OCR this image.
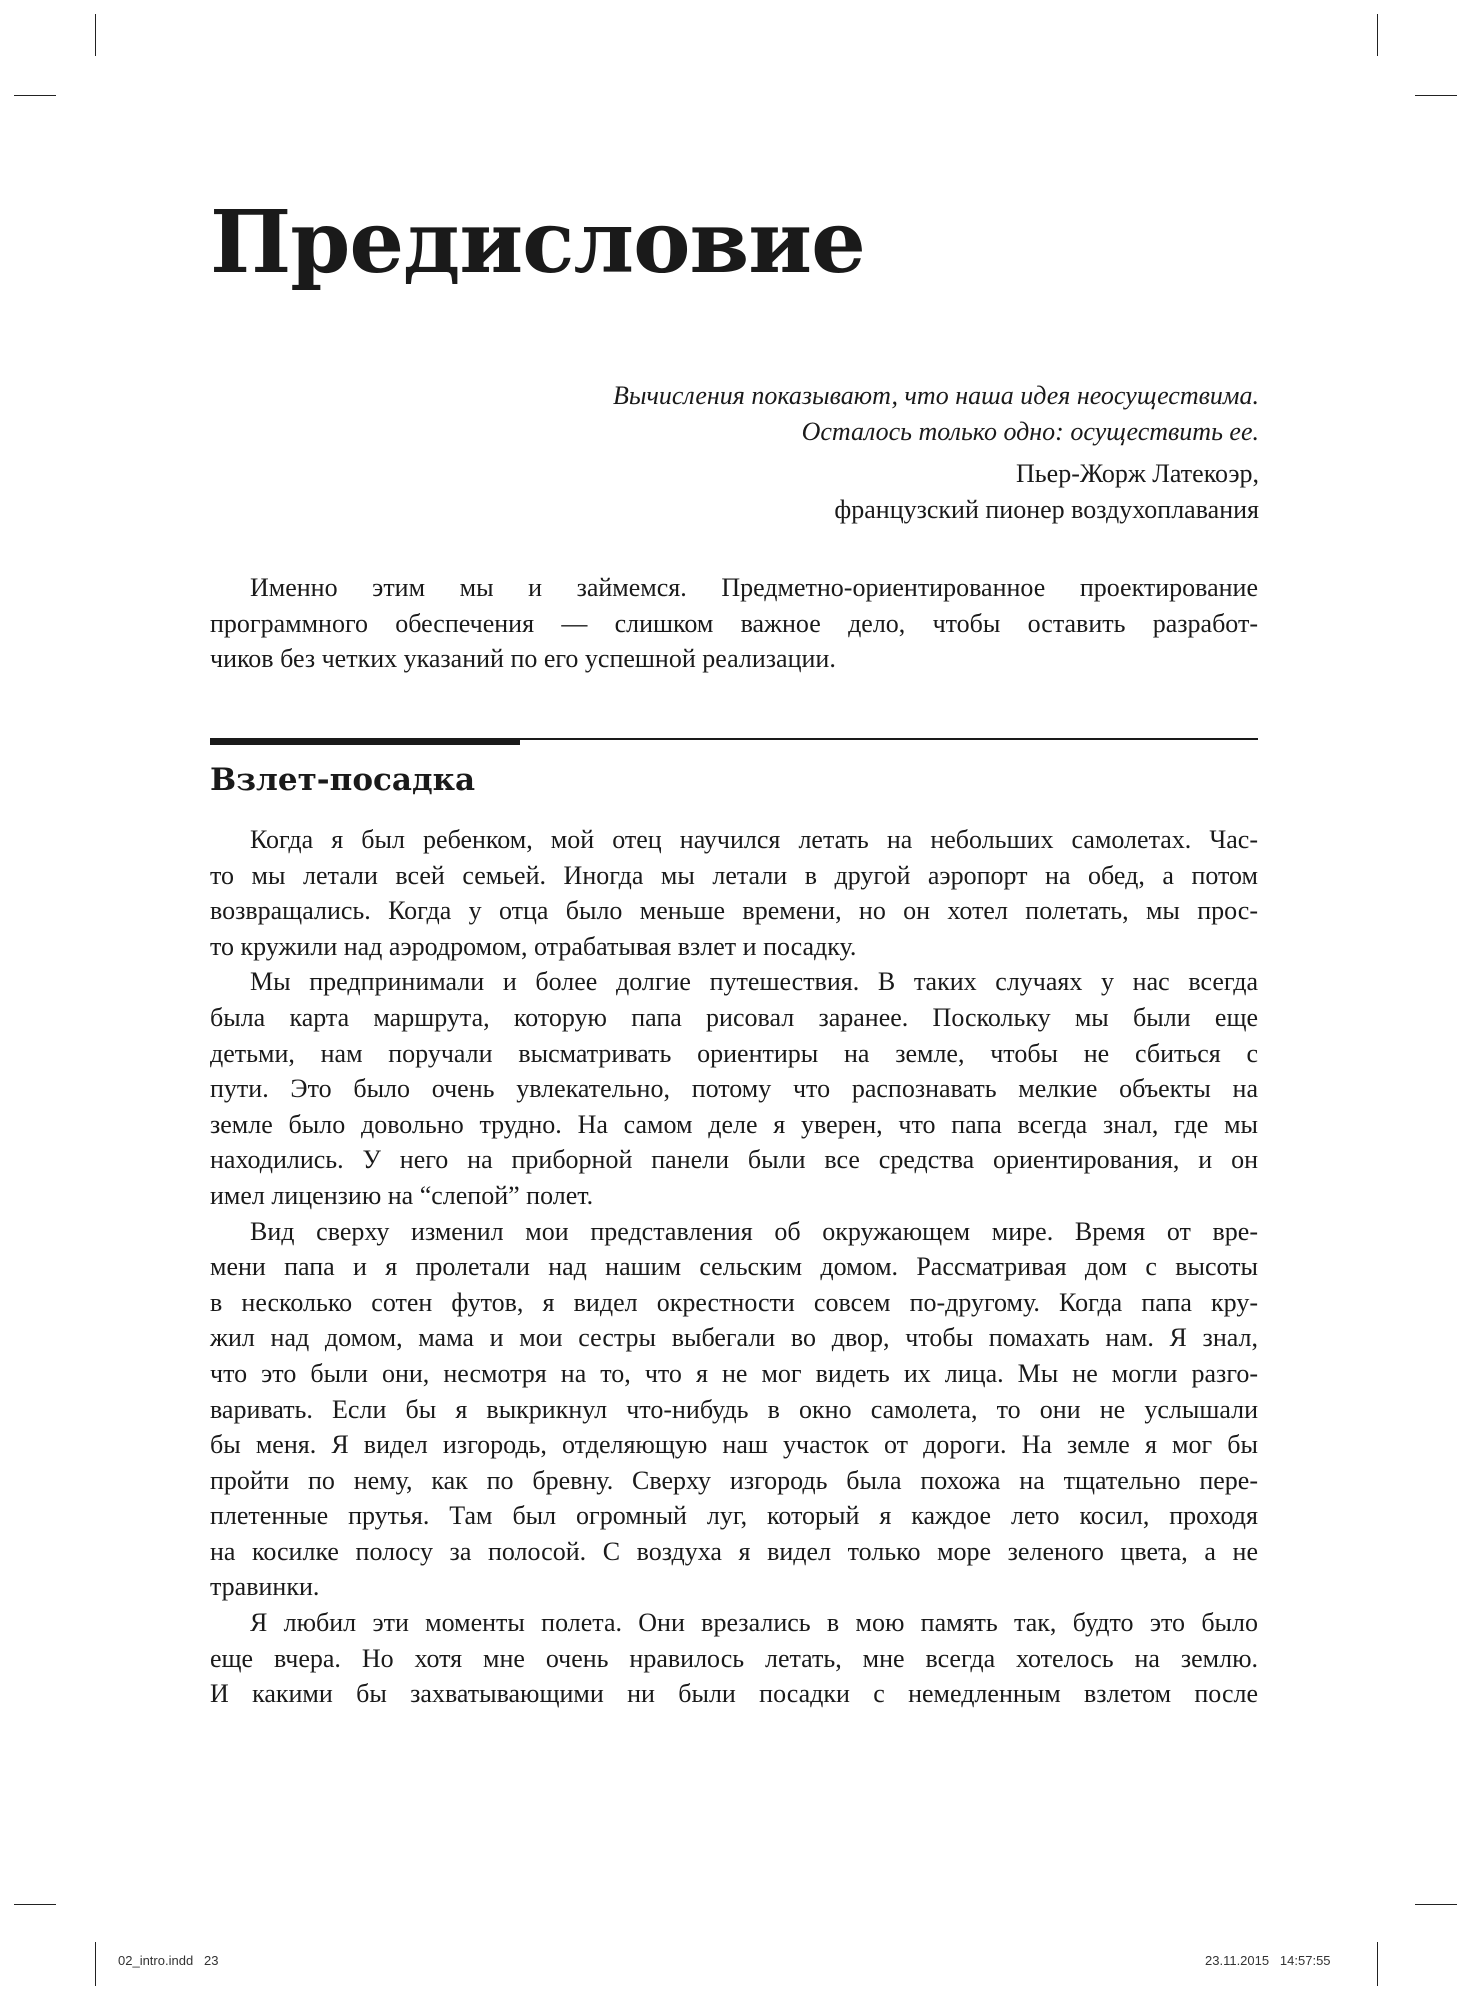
Предисловие
Вычисления показывают, что наша идея неосуществима.
Осталось только одно: осуществить ее.
Пьер-Жорж Латекоэр,
французский пионер воздухоплавания
Именно этим мы и займемся. Предметно-ориентированное проектирование
программного обеспечения — слишком важное дело, чтобы оставить разработ-
чиков без четких указаний по его успешной реализации.
Взлет-посадка
Когда я был ребенком, мой отец научился летать на небольших самолетах. Час-
то мы летали всей семьей. Иногда мы летали в другой аэропорт на обед, а потом
возвращались. Когда у отца было меньше времени, но он хотел полетать, мы прос-
то кружили над аэродромом, отрабатывая взлет и посадку.
Мы предпринимали и более долгие путешествия. В таких случаях у нас всегда
была карта маршрута, которую папа рисовал заранее. Поскольку мы были еще
детьми, нам поручали высматривать ориентиры на земле, чтобы не сбиться с
пути. Это было очень увлекательно, потому что распознавать мелкие объекты на
земле было довольно трудно. На самом деле я уверен, что папа всегда знал, где мы
находились. У него на приборной панели были все средства ориентирования, и он
имел лицензию на “слепой” полет.
Вид сверху изменил мои представления об окружающем мире. Время от вре-
мени папа и я пролетали над нашим сельским домом. Рассматривая дом с высоты
в несколько сотен футов, я видел окрестности совсем по-другому. Когда папа кру-
жил над домом, мама и мои сестры выбегали во двор, чтобы помахать нам. Я знал,
что это были они, несмотря на то, что я не мог видеть их лица. Мы не могли разго-
варивать. Если бы я выкрикнул что-нибудь в окно самолета, то они не услышали
бы меня. Я видел изгородь, отделяющую наш участок от дороги. На земле я мог бы
пройти по нему, как по бревну. Сверху изгородь была похожа на тщательно пере-
плетенные прутья. Там был огромный луг, который я каждое лето косил, проходя
на косилке полосу за полосой. С воздуха я видел только море зеленого цвета, а не
травинки.
Я любил эти моменты полета. Они врезались в мою память так, будто это было
еще вчера. Но хотя мне очень нравилось летать, мне всегда хотелось на землю.
И какими бы захватывающими ни были посадки с немедленным взлетом после
02_intro.indd   23	23.11.2015   14:57:55
